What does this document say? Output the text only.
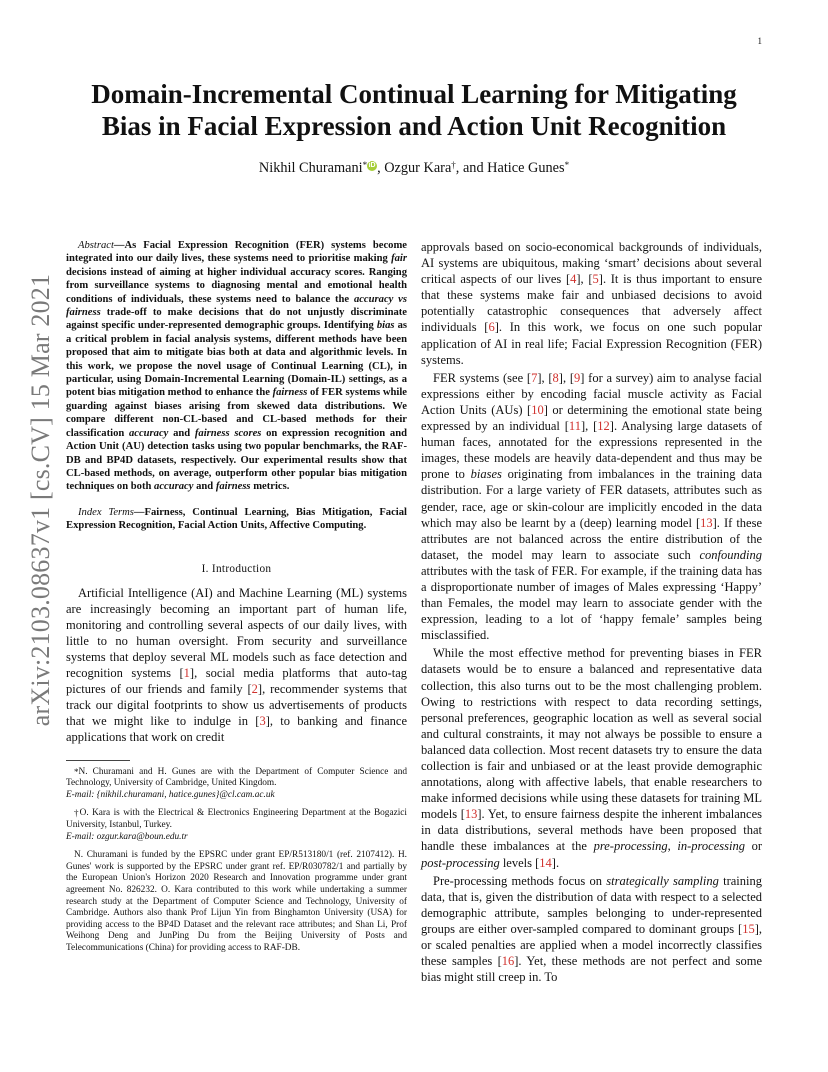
1
arXiv:2103.08637v1 [cs.CV] 15 Mar 2021
Domain-Incremental Continual Learning for Mitigating
Bias in Facial Expression and Action Unit Recognition
Nikhil Churamani* iD , Ozgur Kara†, and Hatice Gunes*

Abstract—As Facial Expression Recognition (FER) systems become integrated into our daily lives, these systems need to prioritise making fair decisions instead of aiming at higher individual accuracy scores. Ranging from surveillance systems to diagnosing mental and emotional health conditions of individuals, these systems need to balance the accuracy vs fairness trade-off to make decisions that do not unjustly discriminate against specific under-represented demographic groups. Identifying bias as a critical problem in facial analysis systems, different methods have been proposed that aim to mitigate bias both at data and algorithmic levels. In this work, we propose the novel usage of Continual Learning (CL), in particular, using Domain-Incremental Learning (Domain-IL) settings, as a potent bias mitigation method to enhance the fairness of FER systems while guarding against biases arising from skewed data distributions. We compare different non-CL-based and CL-based methods for their classification accuracy and fairness scores on expression recognition and Action Unit (AU) detection tasks using two popular benchmarks, the RAF-DB and BP4D datasets, respectively. Our experimental results show that CL-based methods, on average, outperform other popular bias mitigation techniques on both accuracy and fairness metrics.

Index Terms—Fairness, Continual Learning, Bias Mitigation, Facial Expression Recognition, Facial Action Units, Affective Computing.

I. Introduction

Artificial Intelligence (AI) and Machine Learning (ML) systems are increasingly becoming an important part of human life, monitoring and controlling several aspects of our daily lives, with little to no human oversight. From security and surveillance systems that deploy several ML models such as face detection and recognition systems [1], social media platforms that auto-tag pictures of our friends and family [2], recommender systems that track our digital footprints to show us advertisements of products that we might like to indulge in [3], to banking and finance applications that work on credit

*N. Churamani and H. Gunes are with the Department of Computer Science and Technology, University of Cambridge, United Kingdom.
E-mail: {nikhil.churamani, hatice.gunes}@cl.cam.ac.uk

†O. Kara is with the Electrical & Electronics Engineering Department at the Bogazici University, Istanbul, Turkey.
E-mail: ozgur.kara@boun.edu.tr

N. Churamani is funded by the EPSRC under grant EP/R513180/1 (ref. 2107412). H. Gunes' work is supported by the EPSRC under grant ref. EP/R030782/1 and partially by the European Union's Horizon 2020 Research and Innovation programme under grant agreement No. 826232. O. Kara contributed to this work while undertaking a summer research study at the Department of Computer Science and Technology, University of Cambridge. Authors also thank Prof Lijun Yin from Binghamton University (USA) for providing access to the BP4D Dataset and the relevant race attributes; and Shan Li, Prof Weihong Deng and JunPing Du from the Beijing University of Posts and Telecommunications (China) for providing access to RAF-DB.

approvals based on socio-economical backgrounds of individuals, AI systems are ubiquitous, making ‘smart’ decisions about several critical aspects of our lives [4], [5]. It is thus important to ensure that these systems make fair and unbiased decisions to avoid potentially catastrophic consequences that adversely affect individuals [6]. In this work, we focus on one such popular application of AI in real life; Facial Expression Recognition (FER) systems.

FER systems (see [7], [8], [9] for a survey) aim to analyse facial expressions either by encoding facial muscle activity as Facial Action Units (AUs) [10] or determining the emotional state being expressed by an individual [11], [12]. Analysing large datasets of human faces, annotated for the expressions represented in the images, these models are heavily data-dependent and thus may be prone to biases originating from imbalances in the training data distribution. For a large variety of FER datasets, attributes such as gender, race, age or skin-colour are implicitly encoded in the data which may also be learnt by a (deep) learning model [13]. If these attributes are not balanced across the entire distribution of the dataset, the model may learn to associate such confounding attributes with the task of FER. For example, if the training data has a disproportionate number of images of Males expressing ‘Happy’ than Females, the model may learn to associate gender with the expression, leading to a lot of ‘happy female’ samples being misclassified.

While the most effective method for preventing biases in FER datasets would be to ensure a balanced and representative data collection, this also turns out to be the most challenging problem. Owing to restrictions with respect to data recording settings, personal preferences, geographic location as well as several social and cultural constraints, it may not always be possible to ensure a balanced data collection. Most recent datasets try to ensure the data collection is fair and unbiased or at the least provide demographic annotations, along with affective labels, that enable researchers to make informed decisions while using these datasets for training ML models [13]. Yet, to ensure fairness despite the inherent imbalances in data distributions, several methods have been proposed that handle these imbalances at the pre-processing, in-processing or post-processing levels [14].

Pre-processing methods focus on strategically sampling training data, that is, given the distribution of data with respect to a selected demographic attribute, samples belonging to under-represented groups are either over-sampled compared to dominant groups [15], or scaled penalties are applied when a model incorrectly classifies these samples [16]. Yet, these methods are not perfect and some bias might still creep in. To
